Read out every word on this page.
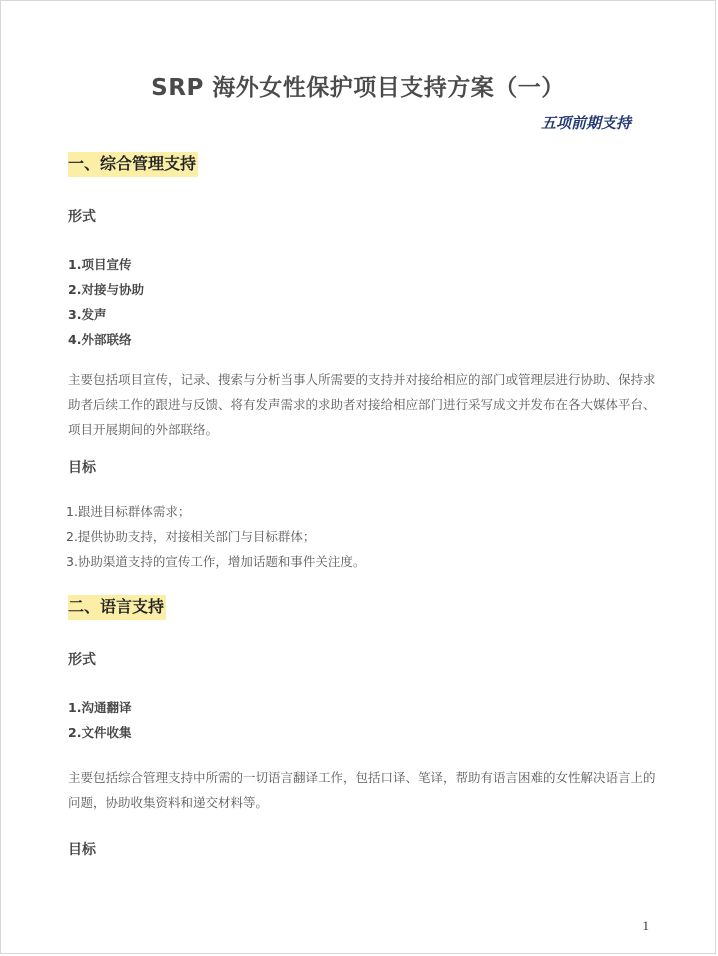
SRP 海外女性保护项目支持方案（一）
五项前期支持
一、综合管理支持
形式
1.项目宣传
2.对接与协助
3.发声
4.外部联络

主要包括项目宣传，记录、搜索与分析当事人所需要的支持并对接给相应的部门或管理层进行协助、保持求助者后续工作的跟进与反馈、将有发声需求的求助者对接给相应部门进行采写成文并发布在各大媒体平台、项目开展期间的外部联络。

目标
1.跟进目标群体需求；
2.提供协助支持，对接相关部门与目标群体；
3.协助渠道支持的宣传工作，增加话题和事件关注度。
二、语言支持
形式
1.沟通翻译
2.文件收集

主要包括综合管理支持中所需的一切语言翻译工作，包括口译、笔译，帮助有语言困难的女性解决语言上的问题，协助收集资料和递交材料等。

目标
1
